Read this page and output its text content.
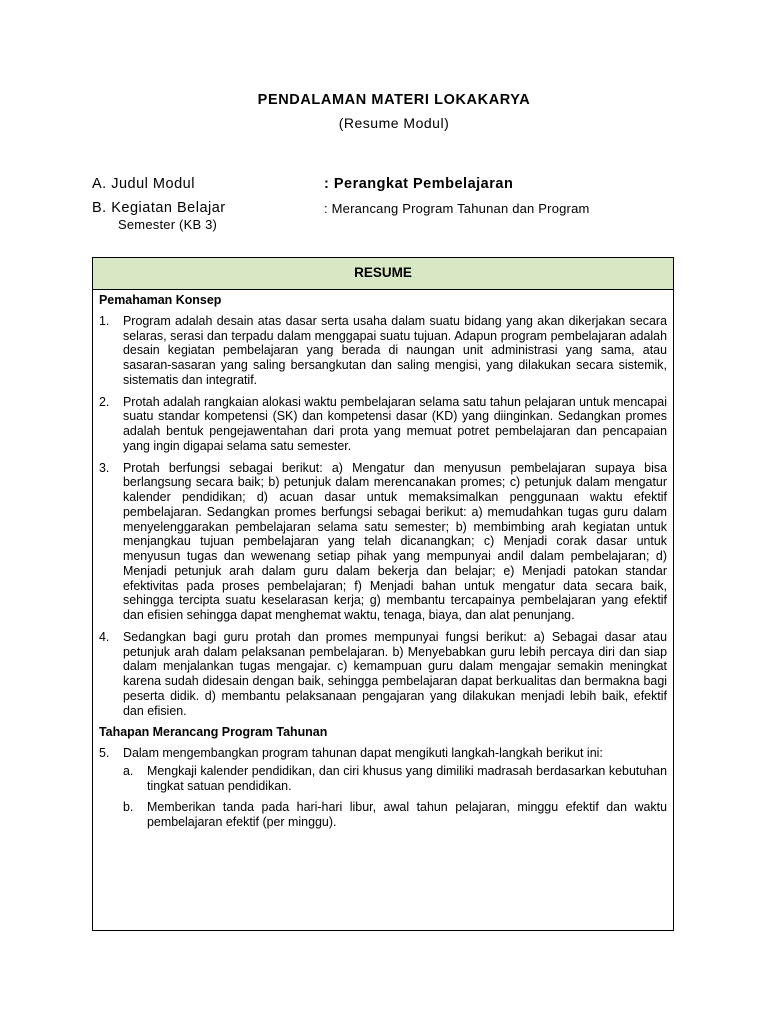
PENDALAMAN MATERI LOKAKARYA
(Resume Modul)
A. Judul Modul	: Perangkat Pembelajaran
B. Kegiatan Belajar	: Merancang Program Tahunan dan Program
Semester (KB 3)
RESUME
Pemahaman Konsep
1.	Program adalah desain atas dasar serta usaha dalam suatu bidang yang akan dikerjakan secara selaras, serasi dan terpadu dalam menggapai suatu tujuan. Adapun program pembelajaran adalah desain kegiatan pembelajaran yang berada di naungan unit administrasi yang sama, atau sasaran-sasaran yang saling bersangkutan dan saling mengisi, yang dilakukan secara sistemik, sistematis dan integratif.
2.	Protah adalah rangkaian alokasi waktu pembelajaran selama satu tahun pelajaran untuk mencapai suatu standar kompetensi (SK) dan kompetensi dasar (KD) yang diinginkan. Sedangkan promes adalah bentuk pengejawentahan dari prota yang memuat potret pembelajaran dan pencapaian yang ingin digapai selama satu semester.
3.	Protah berfungsi sebagai berikut: a) Mengatur dan menyusun pembelajaran supaya bisa berlangsung secara baik; b) petunjuk dalam merencanakan promes; c) petunjuk dalam mengatur kalender pendidikan; d) acuan dasar untuk memaksimalkan penggunaan waktu efektif pembelajaran. Sedangkan promes berfungsi sebagai berikut: a) memudahkan tugas guru dalam menyelenggarakan pembelajaran selama satu semester; b) membimbing arah kegiatan untuk menjangkau tujuan pembelajaran yang telah dicanangkan; c) Menjadi corak dasar untuk menyusun tugas dan wewenang setiap pihak yang mempunyai andil dalam pembelajaran; d) Menjadi petunjuk arah dalam guru dalam bekerja dan belajar; e) Menjadi patokan standar efektivitas pada proses pembelajaran; f) Menjadi bahan untuk mengatur data secara baik, sehingga tercipta suatu keselarasan kerja; g) membantu tercapainya pembelajaran yang efektif dan efisien sehingga dapat menghemat waktu, tenaga, biaya, dan alat penunjang.
4.	Sedangkan bagi guru protah dan promes mempunyai fungsi berikut: a) Sebagai dasar atau petunjuk arah dalam pelaksanan pembelajaran. b) Menyebabkan guru lebih percaya diri dan siap dalam menjalankan tugas mengajar. c) kemampuan guru dalam mengajar semakin meningkat karena sudah didesain dengan baik, sehingga pembelajaran dapat berkualitas dan bermakna bagi peserta didik. d) membantu pelaksanaan pengajaran yang dilakukan menjadi lebih baik, efektif dan efisien.
Tahapan Merancang Program Tahunan
5.	Dalam mengembangkan program tahunan dapat mengikuti langkah-langkah berikut ini:
a.	Mengkaji kalender pendidikan, dan ciri khusus yang dimiliki madrasah berdasarkan kebutuhan tingkat satuan pendidikan.
b.	Memberikan tanda pada hari-hari libur, awal tahun pelajaran, minggu efektif dan waktu pembelajaran efektif (per minggu).
